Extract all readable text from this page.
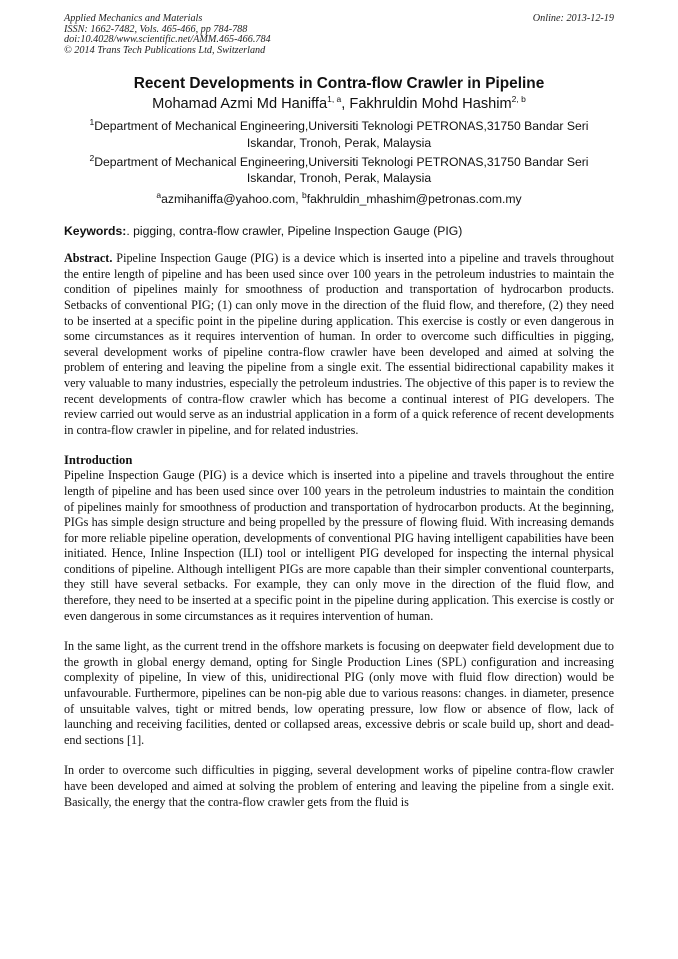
Applied Mechanics and Materials
ISSN: 1662-7482, Vols. 465-466, pp 784-788
doi:10.4028/www.scientific.net/AMM.465-466.784
© 2014 Trans Tech Publications Ltd, Switzerland
Online: 2013-12-19
Recent Developments in Contra-flow Crawler in Pipeline
Mohamad Azmi Md Haniffa$^{1, a}$, Fakhruldin Mohd Hashim$^{2, b}$
$^1$Department of Mechanical Engineering,Universiti Teknologi PETRONAS,31750 Bandar Seri Iskandar, Tronoh, Perak, Malaysia
$^2$Department of Mechanical Engineering,Universiti Teknologi PETRONAS,31750 Bandar Seri Iskandar, Tronoh, Perak, Malaysia
$^a$azmihaniffa@yahoo.com, $^b$fakhruldin_mhashim@petronas.com.my
Keywords:. pigging, contra-flow crawler, Pipeline Inspection Gauge (PIG)

Abstract. Pipeline Inspection Gauge (PIG) is a device which is inserted into a pipeline and travels throughout the entire length of pipeline and has been used since over 100 years in the petroleum industries to maintain the condition of pipelines mainly for smoothness of production and transportation of hydrocarbon products. Setbacks of conventional PIG; (1) can only move in the direction of the fluid flow, and therefore, (2) they need to be inserted at a specific point in the pipeline during application. This exercise is costly or even dangerous in some circumstances as it requires intervention of human. In order to overcome such difficulties in pigging, several development works of pipeline contra-flow crawler have been developed and aimed at solving the problem of entering and leaving the pipeline from a single exit. The essential bidirectional capability makes it very valuable to many industries, especially the petroleum industries. The objective of this paper is to review the recent developments of contra-flow crawler which has become a continual interest of PIG developers. The review carried out would serve as an industrial application in a form of a quick reference of recent developments in contra-flow crawler in pipeline, and for related industries.

Introduction

Pipeline Inspection Gauge (PIG) is a device which is inserted into a pipeline and travels throughout the entire length of pipeline and has been used since over 100 years in the petroleum industries to maintain the condition of pipelines mainly for smoothness of production and transportation of hydrocarbon products. At the beginning, PIGs has simple design structure and being propelled by the pressure of flowing fluid. With increasing demands for more reliable pipeline operation, developments of conventional PIG having intelligent capabilities have been initiated. Hence, Inline Inspection (ILI) tool or intelligent PIG developed for inspecting the internal physical conditions of pipeline. Although intelligent PIGs are more capable than their simpler conventional counterparts, they still have several setbacks. For example, they can only move in the direction of the fluid flow, and therefore, they need to be inserted at a specific point in the pipeline during application. This exercise is costly or even dangerous in some circumstances as it requires intervention of human.

In the same light, as the current trend in the offshore markets is focusing on deepwater field development due to the growth in global energy demand, opting for Single Production Lines (SPL) configuration and increasing complexity of pipeline, In view of this, unidirectional PIG (only move with fluid flow direction) would be unfavourable. Furthermore, pipelines can be non-pig able due to various reasons: changes. in diameter, presence of unsuitable valves, tight or mitred bends, low operating pressure, low flow or absence of flow, lack of launching and receiving facilities, dented or collapsed areas, excessive debris or scale build up, short and dead-end sections [1].

In order to overcome such difficulties in pigging, several development works of pipeline contra-flow crawler have been developed and aimed at solving the problem of entering and leaving the pipeline from a single exit. Basically, the energy that the contra-flow crawler gets from the fluid is
